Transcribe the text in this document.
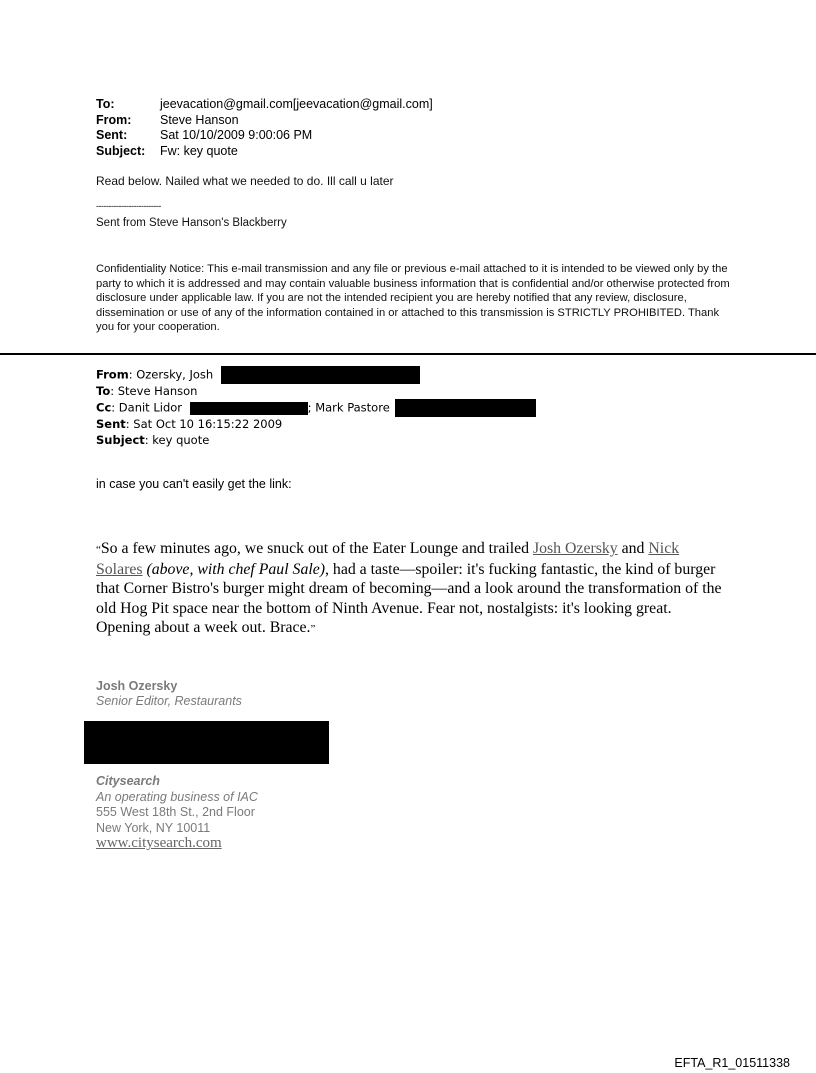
To:	jeevacation@gmail.com[jeevacation@gmail.com]
From:	Steve Hanson
Sent:	Sat 10/10/2009 9:00:06 PM
Subject:	Fw: key quote
Read below. Nailed what we needed to do. Ill call u later
--------------------------
Sent from Steve Hanson's Blackberry
Confidentiality Notice: This e-mail transmission and any file or previous e-mail attached to it is intended to be viewed only by the party to which it is addressed and may contain valuable business information that is confidential and/or otherwise protected from disclosure under applicable law. If you are not the intended recipient you are hereby notified that any review, disclosure, dissemination or use of any of the information contained in or attached to this transmission is STRICTLY PROHIBITED. Thank you for your cooperation.
From: Ozersky, Josh
To: Steve Hanson
Cc: Danit Lidor	; Mark Pastore
Sent: Sat Oct 10 16:15:22 2009
Subject: key quote
in case you can't easily get the link:
“So a few minutes ago, we snuck out of the Eater Lounge and trailed Josh Ozersky and Nick Solares (above, with chef Paul Sale), had a taste—spoiler: it's fucking fantastic, the kind of burger that Corner Bistro's burger might dream of becoming—and a look around the transformation of the old Hog Pit space near the bottom of Ninth Avenue. Fear not, nostalgists: it's looking great. Opening about a week out. Brace.”
Josh Ozersky
Senior Editor, Restaurants
Citysearch
An operating business of IAC
555 West 18th St., 2nd Floor
New York, NY 10011
www.citysearch.com
EFTA_R1_01511338
